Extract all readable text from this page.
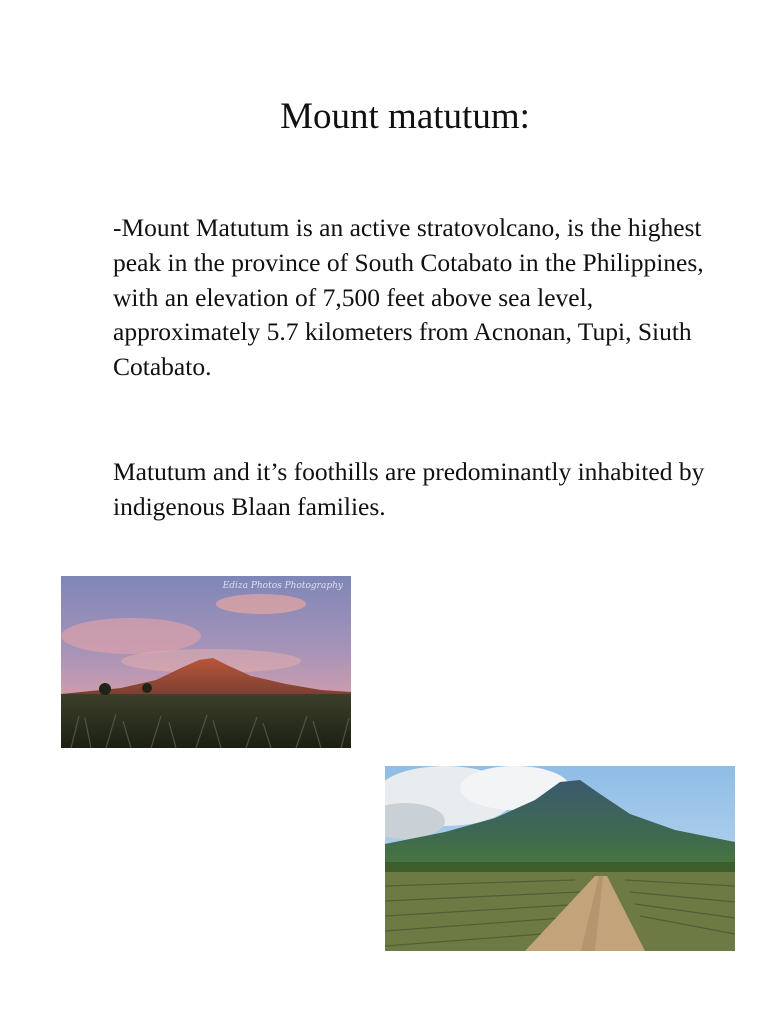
Mount matutum:

-Mount Matutum is an active stratovolcano, is the highest peak in the province of South Cotabato in the Philippines, with an elevation of 7,500 feet above sea level, approximately 5.7 kilometers from Acnonan, Tupi, Siuth Cotabato.

Matutum and it’s foothills are predominantly inhabited by indigenous Blaan families.

Ediza Photos Photography
